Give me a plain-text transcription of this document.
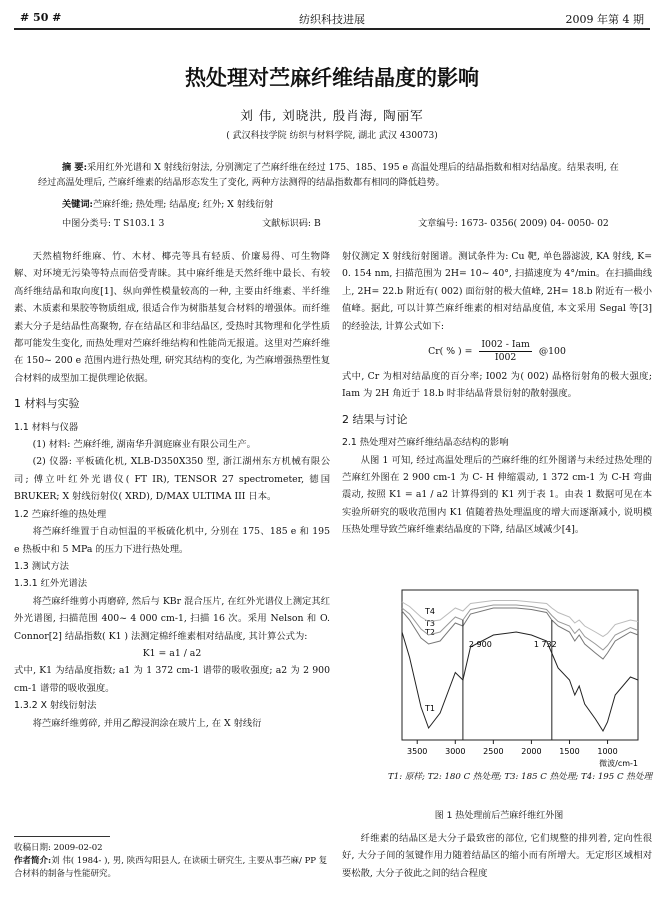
# 50 #	纺织科技进展	2009 年第 4 期
热处理对苎麻纤维结晶度的影响
刘 伟, 刘晓洪, 殷肖海, 陶丽军
( 武汉科技学院 纺织与材料学院, 湖北 武汉 430073)
摘 要:采用红外光谱和 X 射线衍射法, 分别测定了苎麻纤维在经过 175、185、195 e 高温处理后的结晶指数和相对结晶度。结果表明, 在经过高温处理后, 苎麻纤维素的结晶形态发生了变化, 两种方法测得的结晶指数都有相同的降低趋势。
关键词:苎麻纤维; 热处理; 结晶度; 红外; X 射线衍射
中图分类号: T S103.1 3	文献标识码: B	文章编号: 1673- 0356( 2009) 04- 0050- 02

天然植物纤维麻、竹、木材、椰壳等具有轻质、价廉易得、可生物降解、对环境无污染等特点而倍受青睐。其中麻纤维是天然纤维中最长、有较高纤维结晶和取向度[1]、纵向弹性模量较高的一种, 主要由纤维素、半纤维素、木质素和果胶等物质组成, 很适合作为树脂基复合材料的增强体。而纤维素大分子是结晶性高聚物, 存在结晶区和非结晶区, 受热时其物理和化学性质都可能发生变化, 而热处理对苎麻纤维结构和性能尚无报道。这里对苎麻纤维在 150~ 200 e 范围内进行热处理, 研究其结构的变化, 为苎麻增强热塑性复合材料的成型加工提供理论依据。

1 材料与实验
1.1 材料与仪器

(1) 材料: 苎麻纤维, 湖南华升洞庭麻业有限公司生产。

(2) 仪器: 平板硫化机, XLB-D350X350 型, 浙江湖州东方机械有限公司; 傅立叶红外光谱仪( FT IR), TENSOR 27 spectrometer, 德国 BRUKER; X 射线衍射仪( XRD), D/MAX ULTIMA III 日本。

1.2 苎麻纤维的热处理

将苎麻纤维置于自动恒温的平板硫化机中, 分别在 175、185 e 和 195 e 热板中和 5 MPa 的压力下进行热处理。

1.3 测试方法
1.3.1 红外光谱法

将苎麻纤维剪小再磨碎, 然后与 KBr 混合压片, 在红外光谱仪上测定其红外光谱图, 扫描范围 400~ 4 000 cm-1, 扫描 16 次。采用 Nelson 和 O. Connor[2] 结晶指数( K1 ) 法测定棉纤维素相对结晶度, 其计算公式为:

K1 = a1 / a2

式中, K1 为结晶度指数; a1 为 1 372 cm-1 谱带的吸收强度; a2 为 2 900 cm-1 谱带的吸收强度。

1.3.2 X 射线衍射法

将苎麻纤维剪碎, 并用乙醇浸润涂在玻片上, 在 X 射线衍

射仪测定 X 射线衍射图谱。测试条件为: Cu 靶, 单色器滤波, KA 射线, K= 0. 154 nm, 扫描范围为 2H= 10~ 40°, 扫描速度为 4°/min。在扫描曲线上, 2H= 22.b 附近有( 002) 面衍射的极大值峰, 2H= 18.b 附近有一极小值峰。据此, 可以计算苎麻纤维素的相对结晶度值, 本文采用 Segal 等[3] 的经验法, 计算公式如下:

Cr( % ) = $\frac{\text{I002 - Iam}}{I002}$ @100

式中, Cr 为相对结晶度的百分率; I002 为( 002) 晶格衍射角的极大强度; Iam 为 2H 角近于 18.b 时非结晶背景衍射的散射强度。

2 结果与讨论
2.1 热处理对苎麻纤维结晶态结构的影响

从图 1 可知, 经过高温处理后的苎麻纤维的红外图谱与未经过热处理的苎麻红外图在 2 900 cm-1 为 C- H 伸缩震动, 1 372 cm-1 为 C-H 弯曲震动, 按照 K1 = a1 / a2 计算得到的 K1 列于表 1。由表 1 数据可见在本实验所研究的吸收范围内 K1 值随着热处理温度的增大而逐渐减小, 说明模压热处理导致苎麻纤维素结晶度的下降, 结晶区域减少[4]。

3500 3000 2500 2000 1500 1000
微波/cm-1
T1
T2
T3
T4
2 900	1 732
T1: 原样; T2: 180 C 热处理; T3: 185 C 热处理; T4: 195 C 热处理
图 1 热处理前后苎麻纤维红外图

纤维素的结晶区是大分子最致密的部位, 它们规整的排列着, 定向性很好, 大分子间的氢键作用力随着结晶区的缩小而有所增大。无定形区域相对要松散, 大分子彼此之间的结合程度

收稿日期: 2009-02-02
作者简介:刘 伟( 1984- ), 男, 陕西勾阳县人, 在读硕士研究生, 主要从事苎麻/ PP 复合材料的制备与性能研究。
